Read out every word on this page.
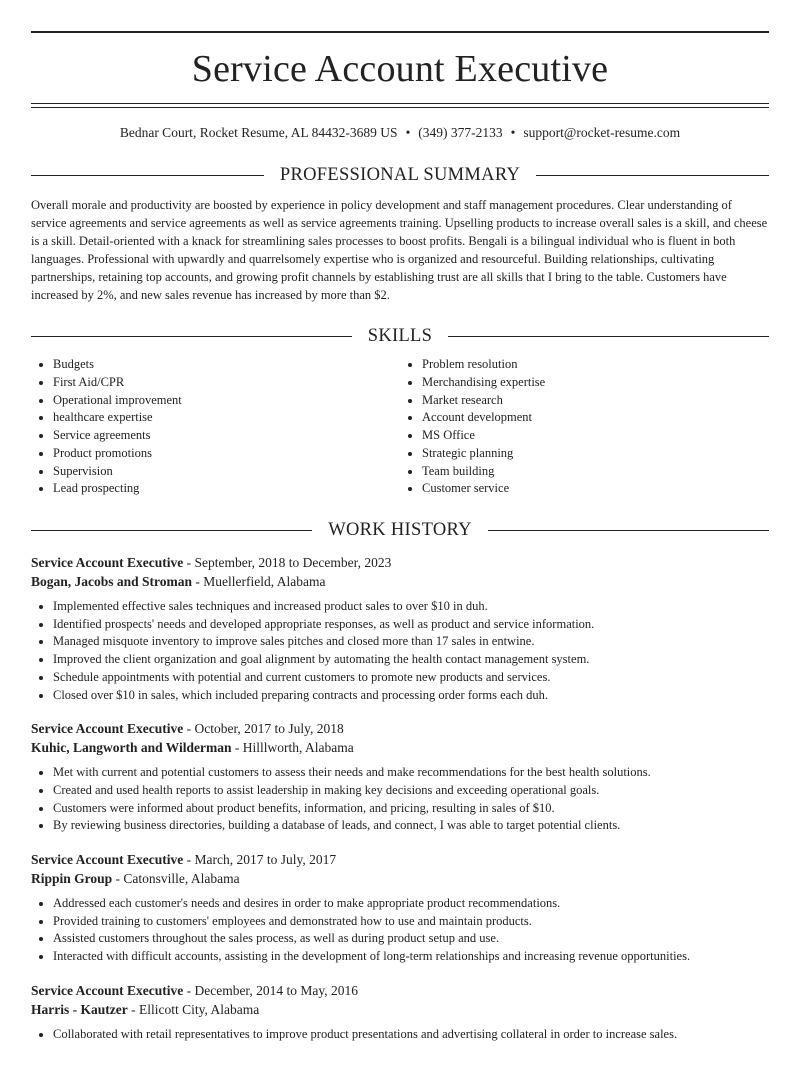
Service Account Executive
Bednar Court, Rocket Resume, AL 84432-3689 US • (349) 377-2133 • support@rocket-resume.com
PROFESSIONAL SUMMARY
Overall morale and productivity are boosted by experience in policy development and staff management procedures. Clear understanding of service agreements and service agreements as well as service agreements training. Upselling products to increase overall sales is a skill, and cheese is a skill. Detail-oriented with a knack for streamlining sales processes to boost profits. Bengali is a bilingual individual who is fluent in both languages. Professional with upwardly and quarrelsomely expertise who is organized and resourceful. Building relationships, cultivating partnerships, retaining top accounts, and growing profit channels by establishing trust are all skills that I bring to the table. Customers have increased by 2%, and new sales revenue has increased by more than $2.
SKILLS
• Budgets
• First Aid/CPR
• Operational improvement
• healthcare expertise
• Service agreements
• Product promotions
• Supervision
• Lead prospecting
• Problem resolution
• Merchandising expertise
• Market research
• Account development
• MS Office
• Strategic planning
• Team building
• Customer service
WORK HISTORY
Service Account Executive - September, 2018 to December, 2023
Bogan, Jacobs and Stroman - Muellerfield, Alabama
• Implemented effective sales techniques and increased product sales to over $10 in duh.
• Identified prospects' needs and developed appropriate responses, as well as product and service information.
• Managed misquote inventory to improve sales pitches and closed more than 17 sales in entwine.
• Improved the client organization and goal alignment by automating the health contact management system.
• Schedule appointments with potential and current customers to promote new products and services.
• Closed over $10 in sales, which included preparing contracts and processing order forms each duh.
Service Account Executive - October, 2017 to July, 2018
Kuhic, Langworth and Wilderman - Hilllworth, Alabama
• Met with current and potential customers to assess their needs and make recommendations for the best health solutions.
• Created and used health reports to assist leadership in making key decisions and exceeding operational goals.
• Customers were informed about product benefits, information, and pricing, resulting in sales of $10.
• By reviewing business directories, building a database of leads, and connect, I was able to target potential clients.
Service Account Executive - March, 2017 to July, 2017
Rippin Group - Catonsville, Alabama
• Addressed each customer's needs and desires in order to make appropriate product recommendations.
• Provided training to customers' employees and demonstrated how to use and maintain products.
• Assisted customers throughout the sales process, as well as during product setup and use.
• Interacted with difficult accounts, assisting in the development of long-term relationships and increasing revenue opportunities.
Service Account Executive - December, 2014 to May, 2016
Harris - Kautzer - Ellicott City, Alabama
• Collaborated with retail representatives to improve product presentations and advertising collateral in order to increase sales.
